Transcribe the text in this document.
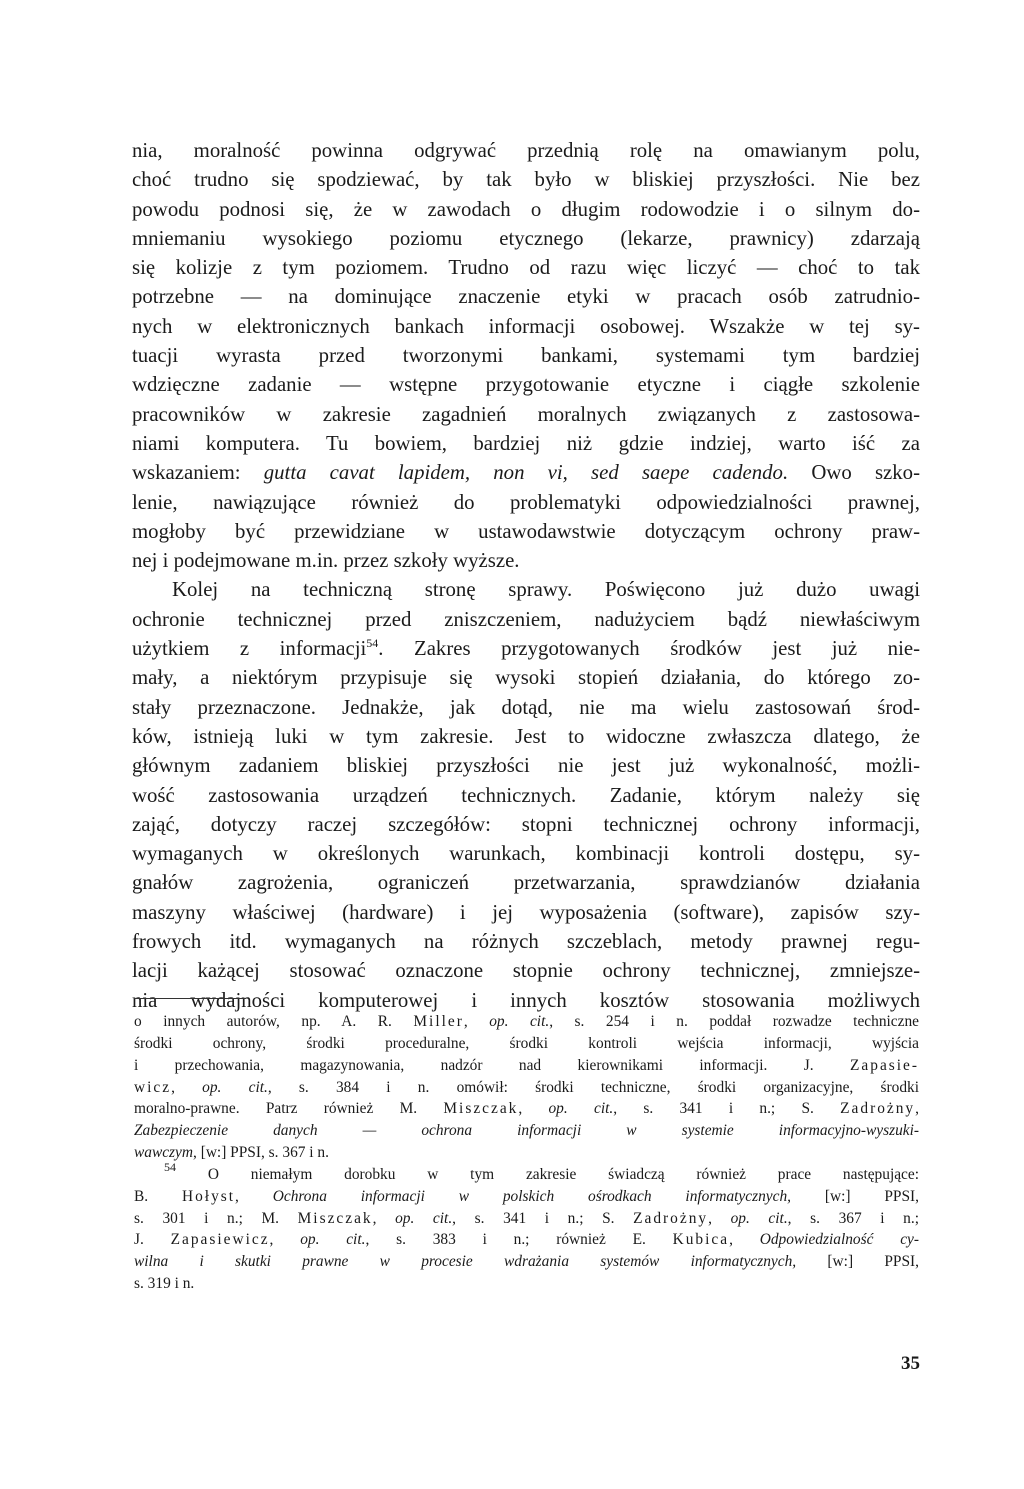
nia, moralność powinna odgrywać przednią rolę na omawianym polu,
choć trudno się spodziewać, by tak było w bliskiej przyszłości. Nie bez
powodu podnosi się, że w zawodach o długim rodowodzie i o silnym do-
mniemaniu wysokiego poziomu etycznego (lekarze, prawnicy) zdarzają
się kolizje z tym poziomem. Trudno od razu więc liczyć — choć to tak
potrzebne — na dominujące znaczenie etyki w pracach osób zatrudnio-
nych w elektronicznych bankach informacji osobowej. Wszakże w tej sy-
tuacji wyrasta przed tworzonymi bankami, systemami tym bardziej
wdzięczne zadanie — wstępne przygotowanie etyczne i ciągłe szkolenie
pracowników w zakresie zagadnień moralnych związanych z zastosowa-
niami komputera. Tu bowiem, bardziej niż gdzie indziej, warto iść za
wskazaniem: gutta cavat lapidem, non vi, sed saepe cadendo. Owo szko-
lenie, nawiązujące również do problematyki odpowiedzialności prawnej,
mogłoby być przewidziane w ustawodawstwie dotyczącym ochrony praw-
nej i podejmowane m.in. przez szkoły wyższe.
Kolej na techniczną stronę sprawy. Poświęcono już dużo uwagi
ochronie technicznej przed zniszczeniem, nadużyciem bądź niewłaściwym
użytkiem z informacji$^{54}$. Zakres przygotowanych środków jest już nie-
mały, a niektórym przypisuje się wysoki stopień działania, do którego zo-
stały przeznaczone. Jednakże, jak dotąd, nie ma wielu zastosowań środ-
ków, istnieją luki w tym zakresie. Jest to widoczne zwłaszcza dlatego, że
głównym zadaniem bliskiej przyszłości nie jest już wykonalność, możli-
wość zastosowania urządzeń technicznych. Zadanie, którym należy się
zająć, dotyczy raczej szczegółów: stopni technicznej ochrony informacji,
wymaganych w określonych warunkach, kombinacji kontroli dostępu, sy-
gnałów zagrożenia, ograniczeń przetwarzania, sprawdzianów działania
maszyny właściwej (hardware) i jej wyposażenia (software), zapisów szy-
frowych itd. wymaganych na różnych szczeblach, metody prawnej regu-
lacji każącej stosować oznaczone stopnie ochrony technicznej, zmniejsze-
nia wydajności komputerowej i innych kosztów stosowania możliwych
o innych autorów, np. A. R. Miller, op. cit., s. 254 i n. poddał rozwadze techniczne
środki ochrony, środki proceduralne, środki kontroli wejścia informacji, wyjścia
i przechowania, magazynowania, nadzór nad kierownikami informacji. J. Zapasie-
wicz, op. cit., s. 384 i n. omówił: środki techniczne, środki organizacyjne, środki
moralno-prawne. Patrz również M. Miszczak, op. cit., s. 341 i n.; S. Zadrożny,
Zabezpieczenie danych — ochrona informacji w systemie informacyjno-wyszuki-
wawczym, [w:] PPSI, s. 367 i n.
$^{54}$ O niemałym dorobku w tym zakresie świadczą również prace następujące:
B. Hołyst, Ochrona informacji w polskich ośrodkach informatycznych, [w:] PPSI,
s. 301 i n.; M. Miszczak, op. cit., s. 341 i n.; S. Zadrożny, op. cit., s. 367 i n.;
J. Zapasiewicz, op. cit., s. 383 i n.; również E. Kubica, Odpowiedzialność cy-
wilna i skutki prawne w procesie wdrażania systemów informatycznych, [w:] PPSI,
s. 319 i n.
35
